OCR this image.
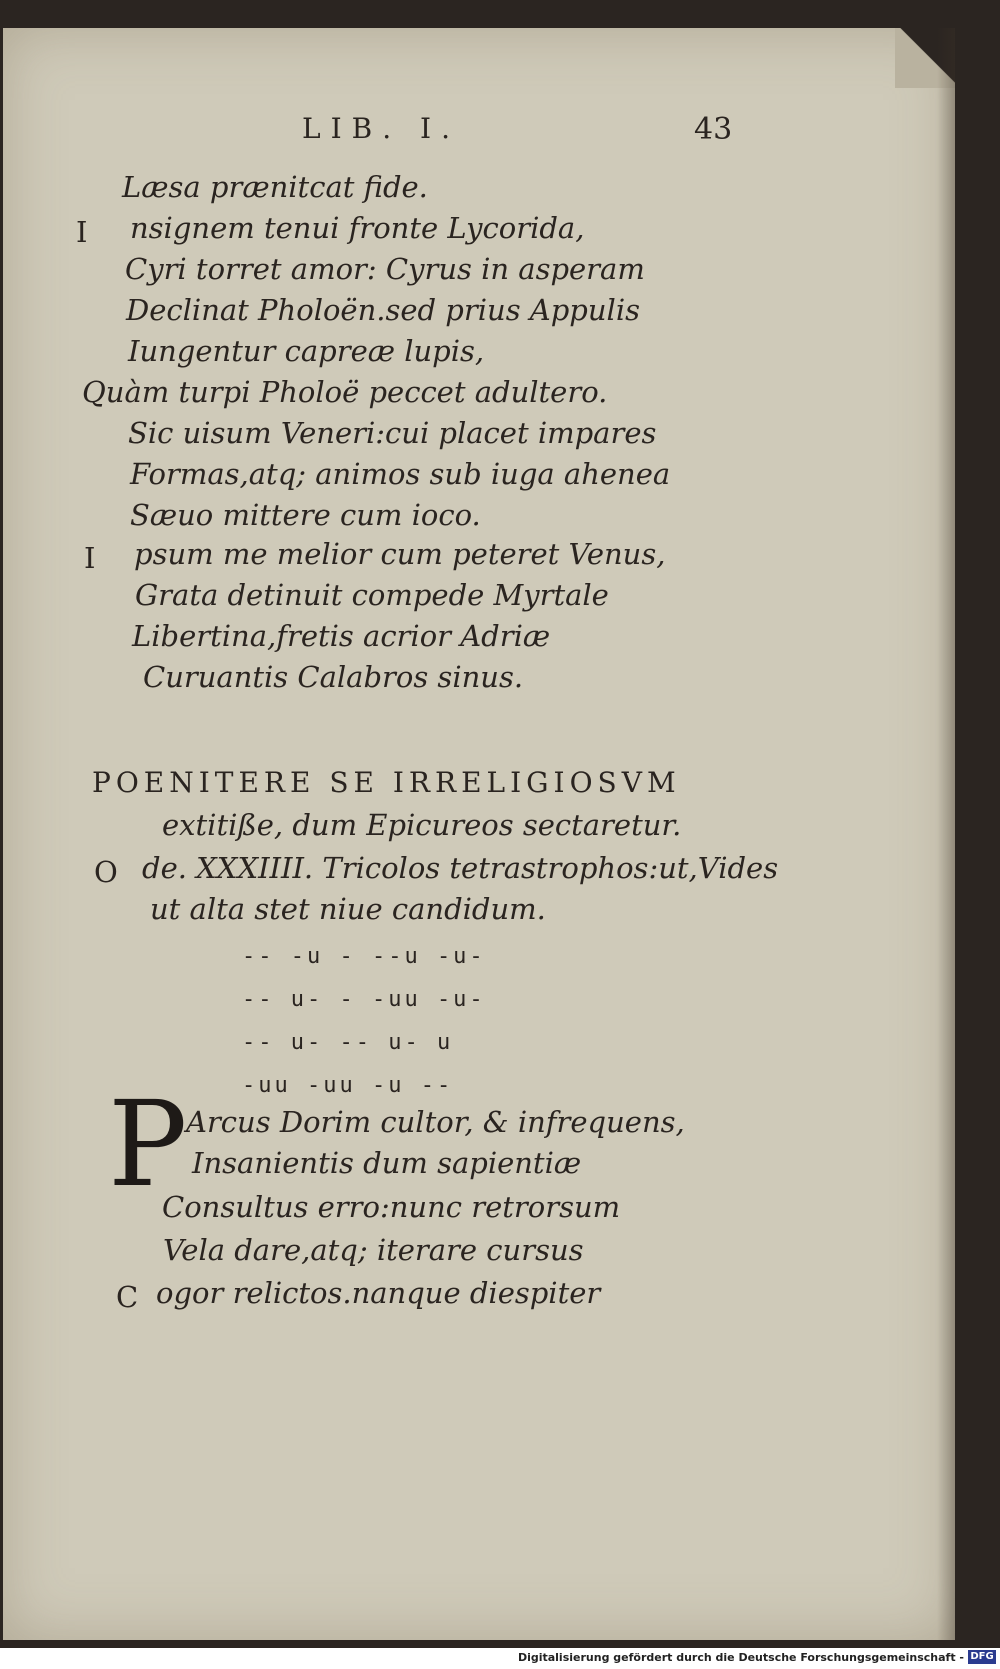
LIB. I.	43
Læsa prænitcat fide.
I nsignem tenui fronte Lycorida,
Cyri torret amor: Cyrus in asperam
Declinat Pholoën.sed prius Appulis
Iungentur capreæ lupis,
Quàm turpi Pholoë peccet adultero.
Sic uisum Veneri:cui placet impares
Formas,atq; animos sub iuga ahenea
Sæuo mittere cum ioco.
I psum me melior cum peteret Venus,
Grata detinuit compede Myrtale
Libertina,fretis acrior Adriæ
Curuantis Calabros sinus.
POENITERE SE IRRELIGIOSVM
extitiße, dum Epicureos sectaretur.
O de. XXXIIII. Tricolos tetrastrophos:ut,Vides
ut alta stet niue candidum.
-- -u - --u -u-
-- u- - -uu -u-
-- u- -- u- u
-uu -uu -u --
P
Arcus Dorim cultor, & infrequens,
Insanientis dum sapientiæ
Consultus erro:nunc retrorsum
Vela dare,atq; iterare cursus
C ogor relictos.nanque diespiter
Digitalisierung gefördert durch die Deutsche Forschungsgemeinschaft - DFG
